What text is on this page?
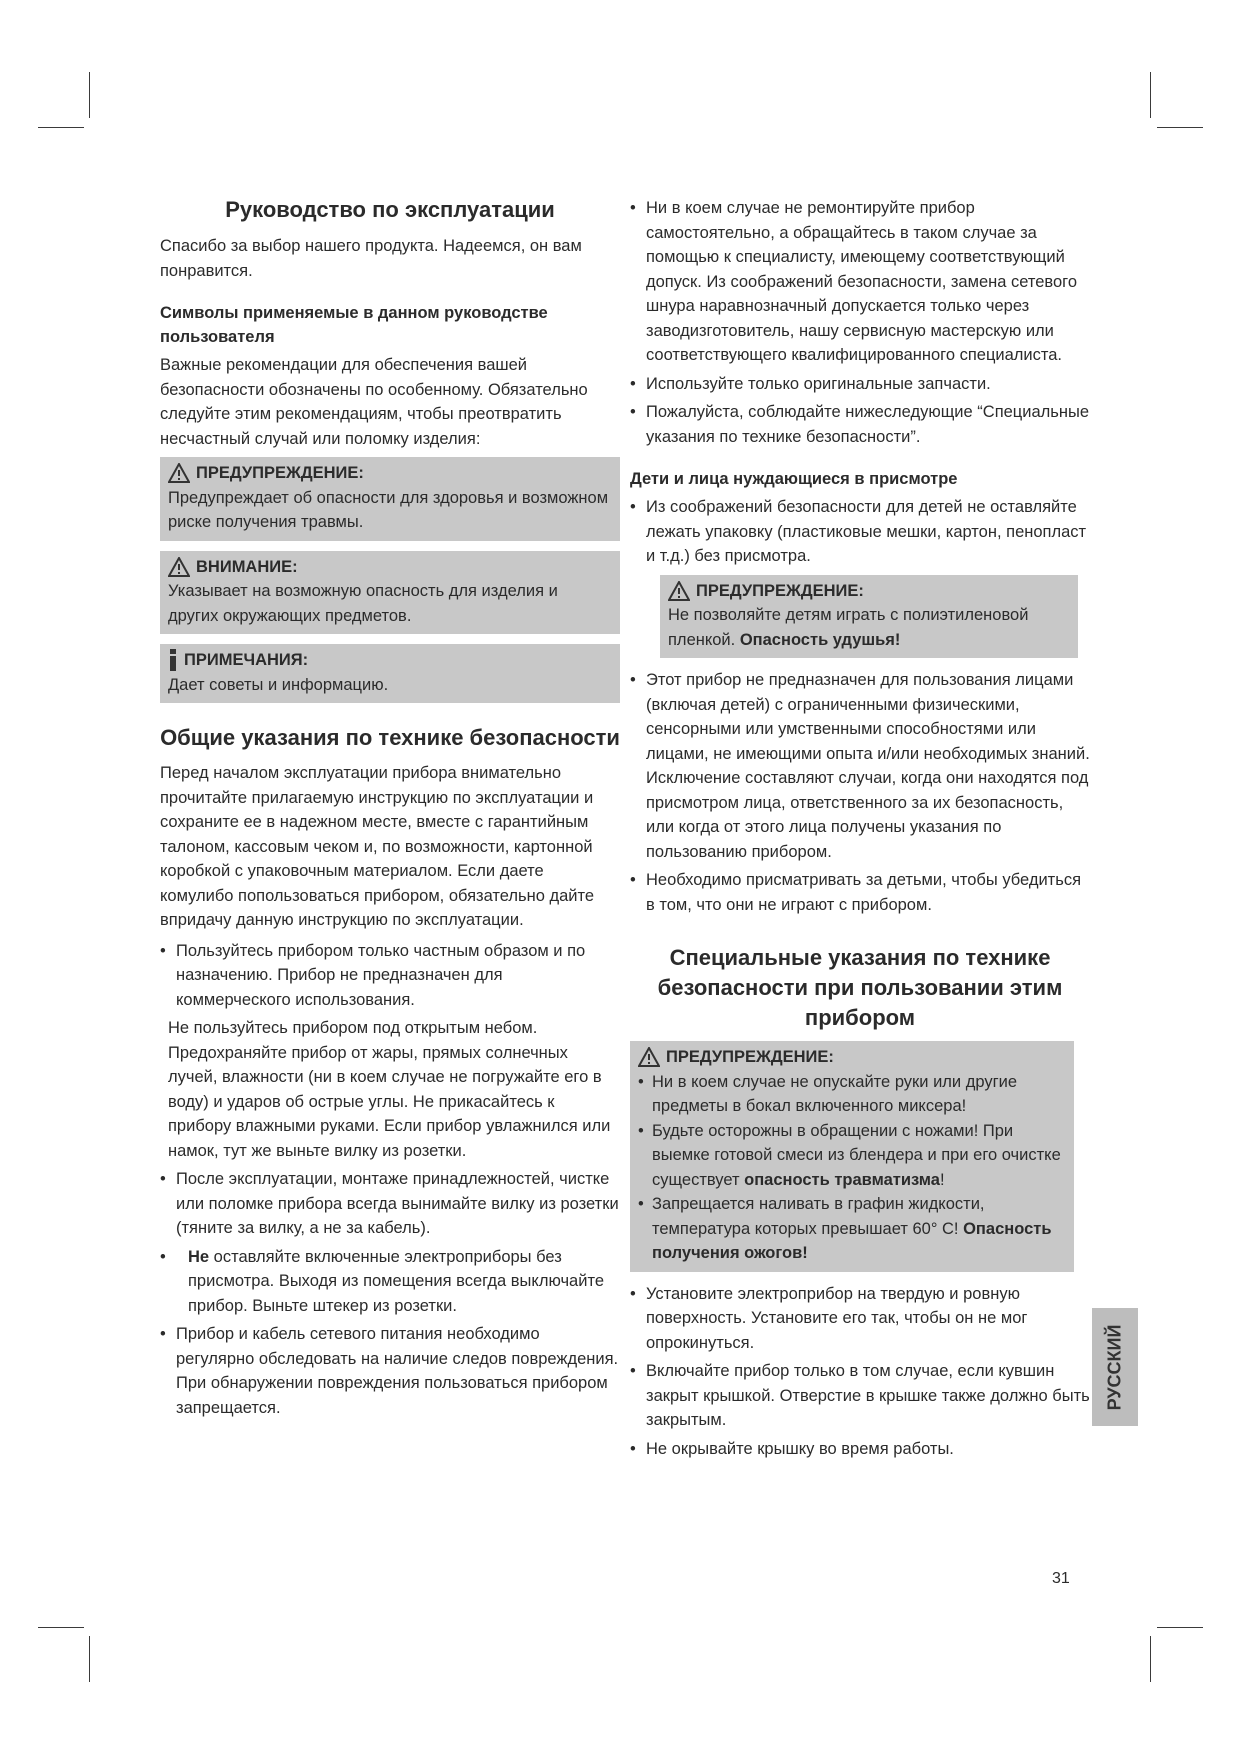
Руководство по эксплуатации

Спасибо за выбор нашего продукта. Надеемся, он вам понравится.

Символы применяемые в данном руководстве пользователя

Важные рекомендации для обеспечения вашей безопасности обозначены по особенному. Обязательно следуйте этим рекомендациям, чтобы преотвратить несчастный случай или поломку изделия:

ПРЕДУПРЕЖДЕНИЕ:

Предупреждает об опасности для здоровья и возможном риске получения травмы.

ВНИМАНИЕ:

Указывает на возможную опасность для изделия и других окружающих предметов.

ПРИМЕЧАНИЯ:

Дает советы и информацию.

Общие указания по технике безопасности

Перед началом эксплуатации прибора внимательно прочитайте прилагаемую инструкцию по эксплуатации и сохраните ее в надежном месте, вместе с гарантийным талоном, кассовым чеком и, по возможности, картонной коробкой с упаковочным материалом. Если даете комулибо попользоваться прибором, обязательно дайте впридачу данную инструкцию по эксплуатации.

• Пользуйтесь прибором только частным образом и по назначению. Прибор не предназначен для коммерческого использования.
Не пользуйтесь прибором под открытым небом. Предохраняйте прибор от жары, прямых солнечных лучей, влажности (ни в коем случае не погружайте его в воду) и ударов об острые углы. Не прикасайтесь к прибору влажными руками. Если прибор увлажнился или намок, тут же выньте вилку из розетки.
• После эксплуатации, монтаже принадлежностей, чистке или поломке прибора всегда вынимайте вилку из розетки (тяните за вилку, а не за кабель).
•	Не оставляйте включенные электроприборы без присмотра. Выходя из помещения всегда выключайте прибор. Выньте штекер из розетки.
• Прибор и кабель сетевого питания необходимо регулярно обследовать на наличие следов повреждения. При обнаружении повреждения пользоваться прибором запрещается.
• Ни в коем случае не ремонтируйте прибор самостоятельно, а обращайтесь в таком случае за помощью к специалисту, имеющему соответствующий допуск. Из соображений безопасности, замена сетевого шнура наравнозначный допускается только через заводизготовитель, нашу сервисную мастерскую или соответствующего квалифицированного специалиста.
• Используйте только оригинальные запчасти.
• Пожалуйста, соблюдайте нижеследующие “Специальные указания по технике безопасности”.
Дети и лица нуждающиеся в присмотре
• Из соображений безопасности для детей не оставляйте лежать упаковку (пластиковые мешки, картон, пенопласт и т.д.) без присмотра.
ПРЕДУПРЕЖДЕНИЕ:

Не позволяйте детям играть с полиэтиленовой пленкой. Опасность удушья!

• Этот прибор не предназначен для пользования лицами (включая детей) с ограниченными физическими, сенсорными или умственными способностями или лицами, не имеющими опыта и/или необходимых знаний. Исключение составляют случаи, когда они находятся под присмотром лица, ответственного за их безопасность, или когда от этого лица получены указания по пользованию прибором.
• Необходимо присматривать за детьми, чтобы убедиться в том, что они не играют с прибором.
Специальные указания по технике безопасности при пользовании этим прибором
ПРЕДУПРЕЖДЕНИЕ:
• Ни в коем случае не опускайте руки или другие предметы в бокал включенного миксера!
• Будьте осторожны в обращении с ножами! При выемке готовой смеси из блендера и при его очистке существует опасность травматизма!
• Запрещается наливать в графин жидкости, температура которых превышает 60° C! Опасность получения ожогов!
• Установите электроприбор на твердую и ровную поверхность. Установите его так, чтобы он не мог опрокинуться.
• Включайте прибор только в том случае, если кувшин закрыт крышкой. Отверстие в крышке также должно быть закрытым.
• Не окрывайте крышку во время работы.
РУССКИЙ
31
